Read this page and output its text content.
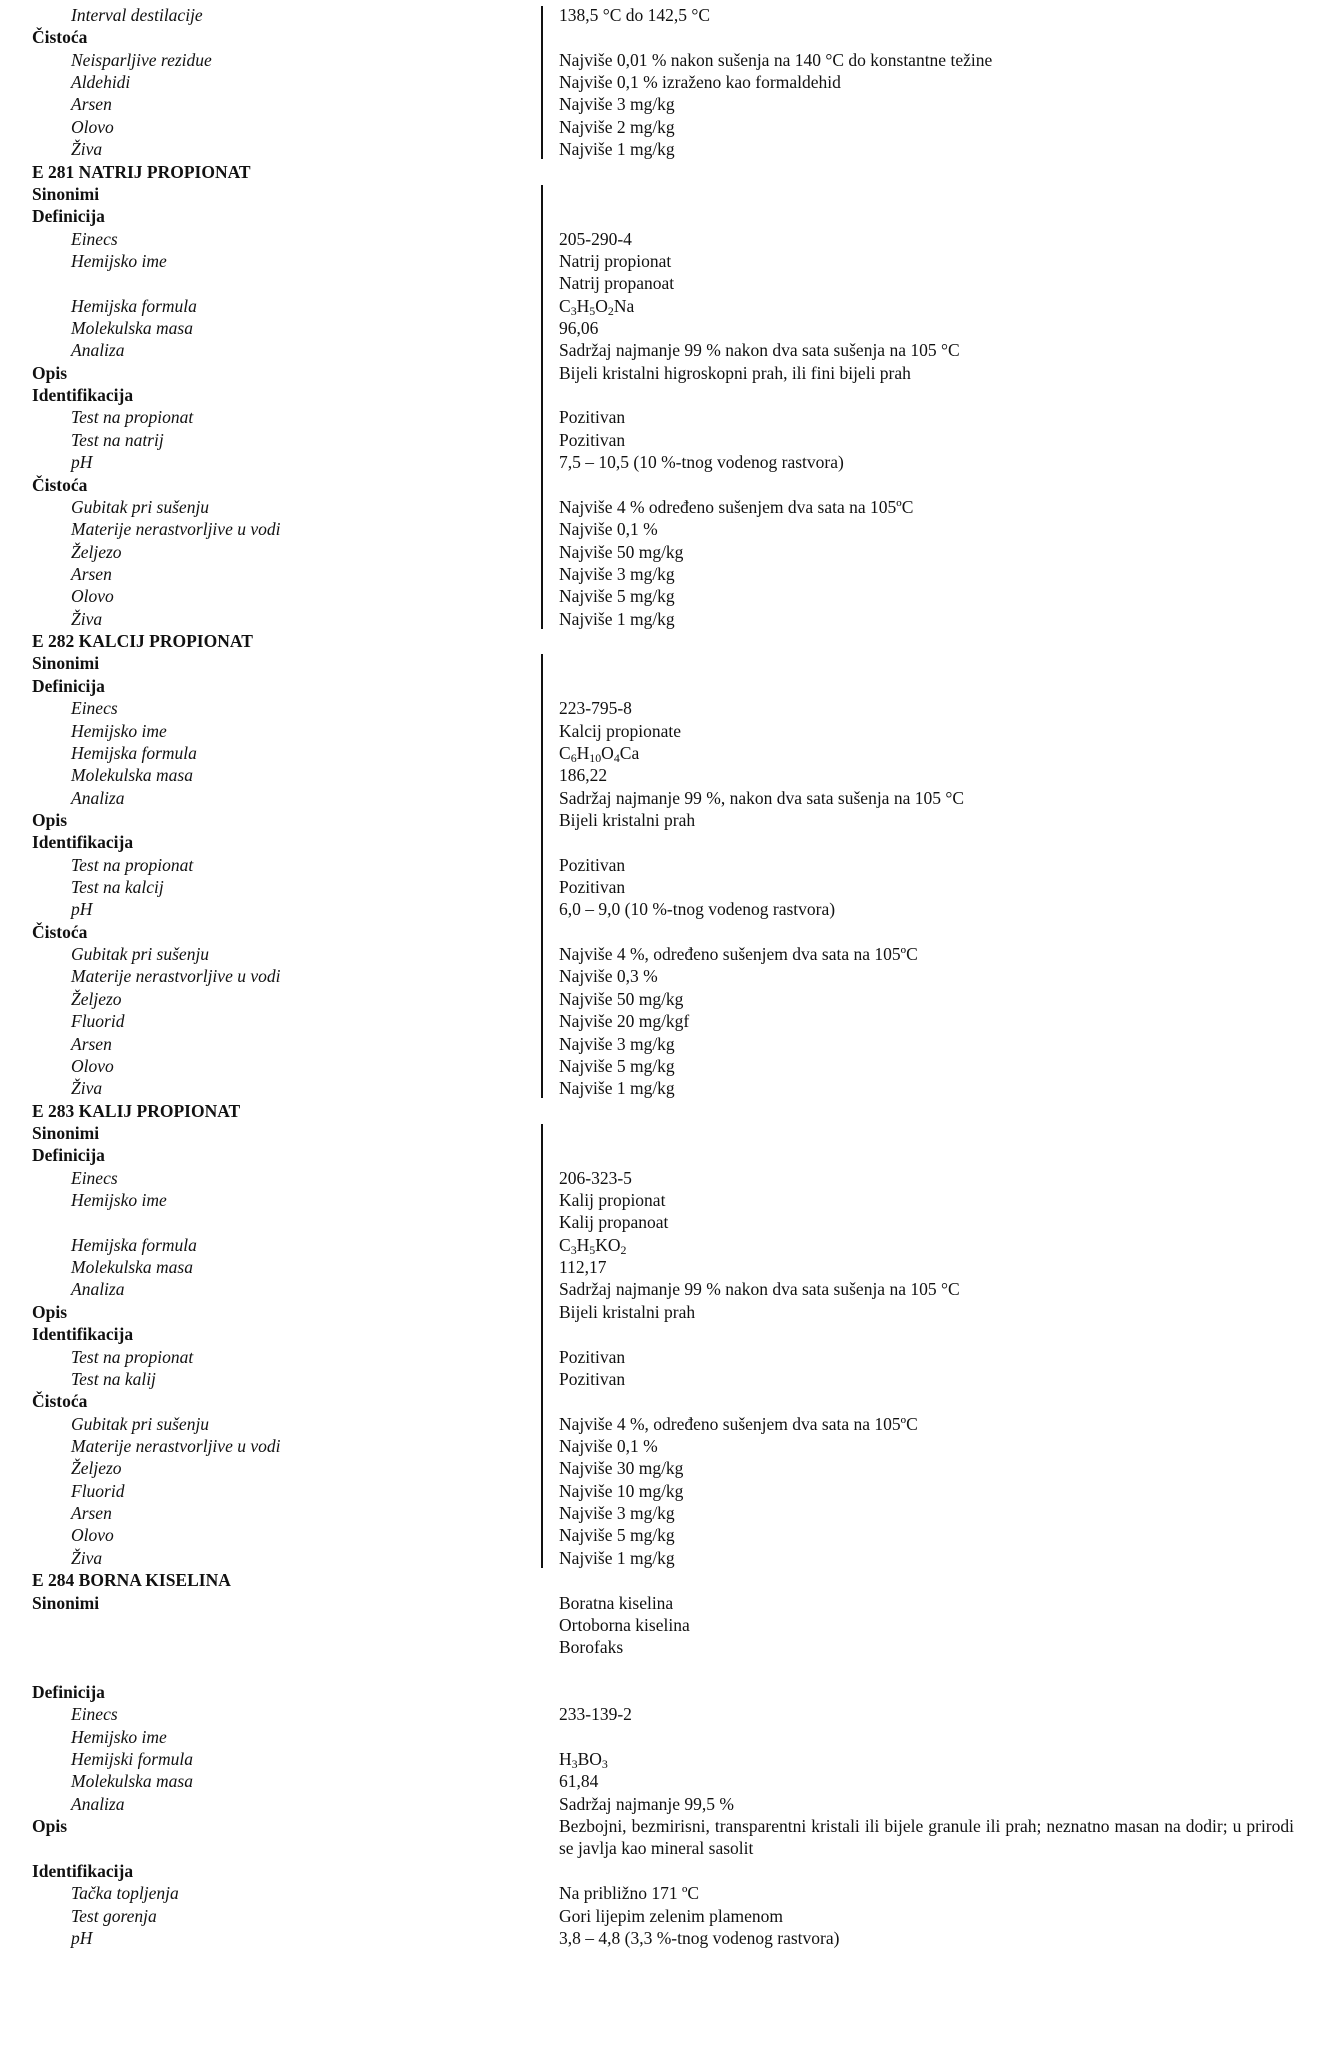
Interval destilacije	138,5 °C do 142,5 °C
Čistoća
Neisparljive rezidue	Najviše 0,01 % nakon sušenja na 140 °C do konstantne težine
Aldehidi	Najviše 0,1 % izraženo kao formaldehid
Arsen	Najviše 3 mg/kg
Olovo	Najviše 2 mg/kg
Živa	Najviše 1 mg/kg
E 281 NATRIJ PROPIONAT
Sinonimi
Definicija
Einecs	205-290-4
Hemijsko ime	Natrij propionat
Natrij propanoat
Hemijska formula	$C_3H_5O_2Na$
Molekulska masa	96,06
Analiza	Sadržaj najmanje 99 % nakon dva sata sušenja na 105 °C
Opis	Bijeli kristalni higroskopni prah, ili fini bijeli prah
Identifikacija
Test na propionat	Pozitivan
Test na natrij	Pozitivan
pH	7,5 – 10,5 (10 %-tnog vodenog rastvora)
Čistoća
Gubitak pri sušenju	Najviše 4 % određeno sušenjem dva sata na 105ºC
Materije nerastvorljive u vodi	Najviše 0,1 %
Željezo	Najviše 50 mg/kg
Arsen	Najviše 3 mg/kg
Olovo	Najviše 5 mg/kg
Živa	Najviše 1 mg/kg
E 282 KALCIJ PROPIONAT
Sinonimi
Definicija
Einecs	223-795-8
Hemijsko ime	Kalcij propionate
Hemijska formula	$C_6H_{10}O_4Ca$
Molekulska masa	186,22
Analiza	Sadržaj najmanje 99 %, nakon dva sata sušenja na 105 °C
Opis	Bijeli kristalni prah
Identifikacija
Test na propionat	Pozitivan
Test na kalcij	Pozitivan
pH	6,0 – 9,0 (10 %-tnog vodenog rastvora)
Čistoća
Gubitak pri sušenju	Najviše 4 %, određeno sušenjem dva sata na 105ºC
Materije nerastvorljive u vodi	Najviše 0,3 %
Željezo	Najviše 50 mg/kg
Fluorid	Najviše 20 mg/kgf
Arsen	Najviše 3 mg/kg
Olovo	Najviše 5 mg/kg
Živa	Najviše 1 mg/kg
E 283 KALIJ PROPIONAT
Sinonimi
Definicija
Einecs	206-323-5
Hemijsko ime	Kalij propionat
Kalij propanoat
Hemijska formula	$C_3H_5KO_2$
Molekulska masa	112,17
Analiza	Sadržaj najmanje 99 % nakon dva sata sušenja na 105 °C
Opis	Bijeli kristalni prah
Identifikacija
Test na propionat	Pozitivan
Test na kalij	Pozitivan
Čistoća
Gubitak pri sušenju	Najviše 4 %, određeno sušenjem dva sata na 105ºC
Materije nerastvorljive u vodi	Najviše 0,1 %
Željezo	Najviše 30 mg/kg
Fluorid	Najviše 10 mg/kg
Arsen	Najviše 3 mg/kg
Olovo	Najviše 5 mg/kg
Živa	Najviše 1 mg/kg
E 284 BORNA KISELINA
Sinonimi	Boratna kiselina
Ortoborna kiselina
Borofaks
Definicija
Einecs	233-139-2
Hemijsko ime
Hemijski formula	$H_3BO_3$
Molekulska masa	61,84
Analiza	Sadržaj najmanje 99,5 %
Opis	Bezbojni, bezmirisni, transparentni kristali ili bijele granule ili prah; neznatno masan na dodir; u prirodi se javlja kao mineral sasolit
Identifikacija
Tačka topljenja	Na približno 171 ºC
Test gorenja	Gori lijepim zelenim plamenom
pH	3,8 – 4,8 (3,3 %-tnog vodenog rastvora)
